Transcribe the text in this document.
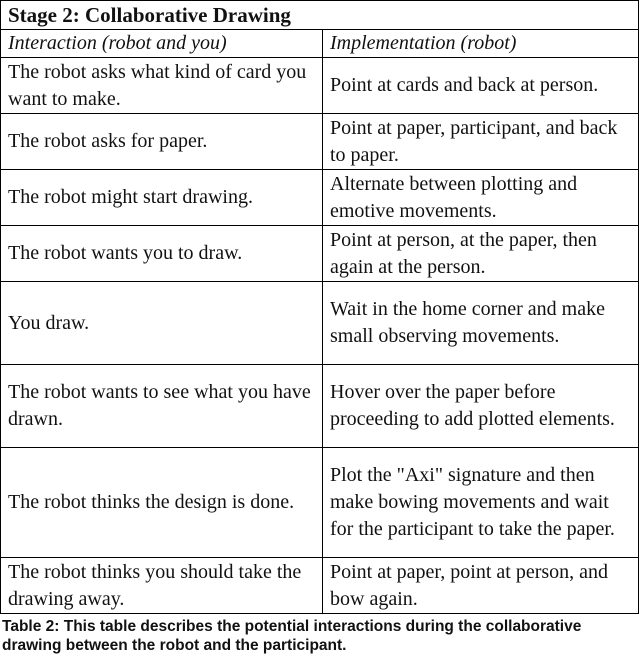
Stage 2: Collaborative Drawing	
Interaction (robot and you)	Implementation (robot)
The robot asks what kind of card you want to make.	Point at cards and back at person.
The robot asks for paper.	Point at paper, participant, and back to paper.
The robot might start drawing.	Alternate between plotting and emotive movements.
The robot wants you to draw.	Point at person, at the paper, then again at the person.
You draw.	Wait in the home corner and make small observing movements.
The robot wants to see what you have drawn.	Hover over the paper before proceeding to add plotted elements.
The robot thinks the design is done.	Plot the "Axi" signature and then make bowing movements and wait for the participant to take the paper.
The robot thinks you should take the drawing away.	Point at paper, point at person, and bow again.
Table 2: This table describes the potential interactions during the collaborative drawing between the robot and the participant.
